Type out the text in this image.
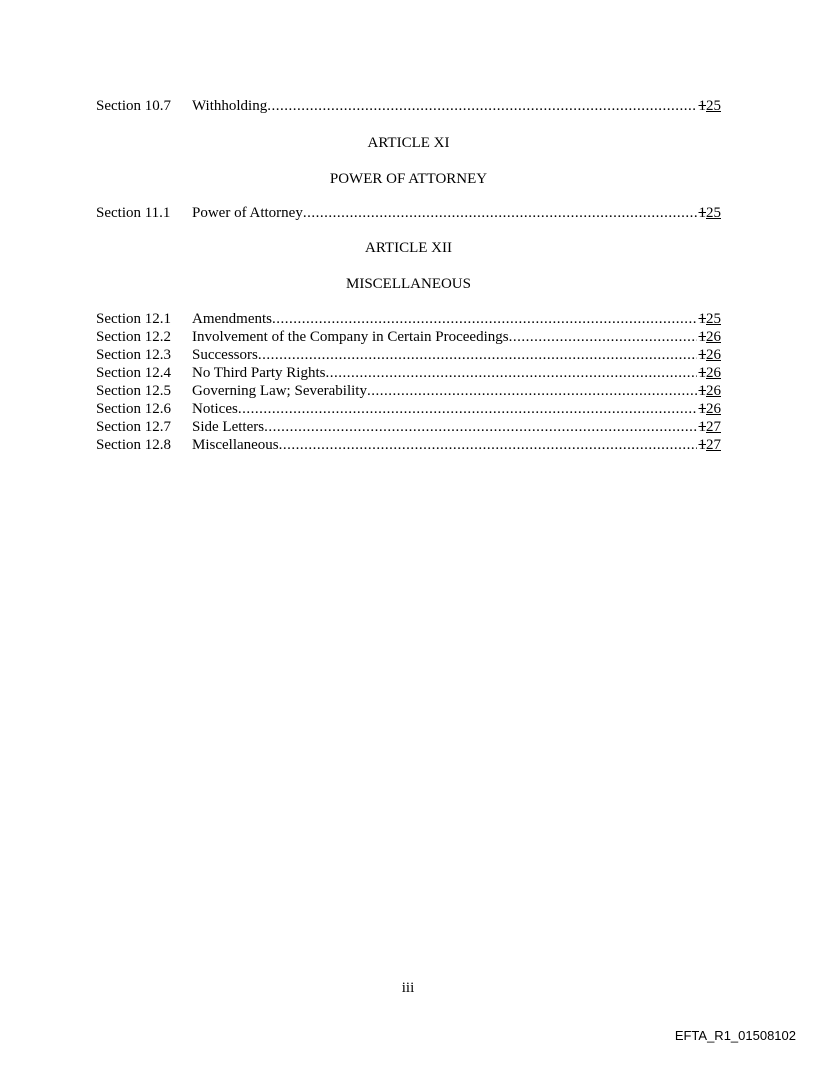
Section 10.7	Withholding .....	125
ARTICLE XI
POWER OF ATTORNEY
Section 11.1	Power of Attorney .....	125
ARTICLE XII
MISCELLANEOUS
Section 12.1	Amendments .....	125
Section 12.2	Involvement of the Company in Certain Proceedings .....	126
Section 12.3	Successors .....	126
Section 12.4	No Third Party Rights .....	126
Section 12.5	Governing Law; Severability .....	126
Section 12.6	Notices .....	126
Section 12.7	Side Letters .....	127
Section 12.8	Miscellaneous .....	127
iii
EFTA_R1_01508102
